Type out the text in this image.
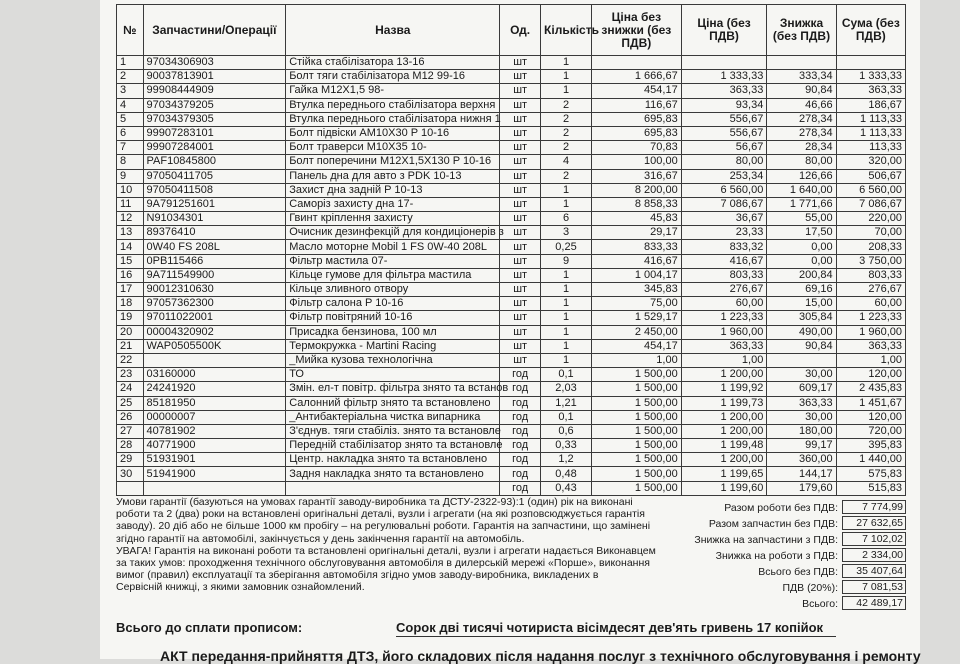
№	Запчастини/Операції	Назва	Од.	Кількість	Ціна без знижки (без ПДВ)	Ціна (без ПДВ)	Знижка (без ПДВ)	Сума (без ПДВ)
1	97034306903	Стійка стабілізатора 13-16	шт	1				
2	90037813901	Болт тяги стабілізатора M12 99-16	шт	1	1 666,67	1 333,33	333,34	1 333,33
3	99908444909	Гайка M12X1,5 98-	шт	1	454,17	363,33	90,84	363,33
4	97034379205	Втулка переднього стабілізатора верхня	шт	2	116,67	93,34	46,66	186,67
5	97034379305	Втулка переднього стабілізатора нижня 1	шт	2	695,83	556,67	278,34	1 113,33
6	99907283101	Болт підвіски AM10X30 P 10-16	шт	2	695,83	556,67	278,34	1 113,33
7	99907284001	Болт траверси M10X35 10-	шт	2	70,83	56,67	28,34	113,33
8	PAF10845800	Болт поперечини M12X1,5X130 P 10-16	шт	4	100,00	80,00	80,00	320,00
9	97050411705	Панель дна для авто з PDK 10-13	шт	2	316,67	253,34	126,66	506,67
10	97050411508	Захист дна задній P 10-13	шт	1	8 200,00	6 560,00	1 640,00	6 560,00
11	9A791251601	Саморіз захисту дна 17-	шт	1	8 858,33	7 086,67	1 771,66	7 086,67
12	N91034301	Гвинт кріплення захисту	шт	6	45,83	36,67	55,00	220,00
13	89376410	Очисник дезинфекцій для кондиціонерів з	шт	3	29,17	23,33	17,50	70,00
14	0W40 FS 208L	Масло моторне Mobil 1 FS 0W-40 208L	шт	0,25	833,33	833,32	0,00	208,33
15	0PB115466	Фільтр мастила 07-	шт	9	416,67	416,67	0,00	3 750,00
16	9A711549900	Кільце гумове для фільтра мастила	шт	1	1 004,17	803,33	200,84	803,33
17	90012310630	Кільце зливного отвору	шт	1	345,83	276,67	69,16	276,67
18	97057362300	Фільтр салона P 10-16	шт	1	75,00	60,00	15,00	60,00
19	97011022001	Фільтр повітряний 10-16	шт	1	1 529,17	1 223,33	305,84	1 223,33
20	00004320902	Присадка бензинова, 100 мл	шт	1	2 450,00	1 960,00	490,00	1 960,00
21	WAP0505500K	Термокружка - Martini Racing	шт	1	454,17	363,33	90,84	363,33
22		_Мийка кузова технологічна	шт	1	1,00	1,00		1,00
23	03160000	ТО	год	0,1	1 500,00	1 200,00	30,00	120,00
24	24241920	Змін. ел-т повітр. фільтра знято та встанов	год	2,03	1 500,00	1 199,92	609,17	2 435,83
25	85181950	Салонний фільтр знято та встановлено	год	1,21	1 500,00	1 199,73	363,33	1 451,67
26	00000007	_Антибактеріальна чистка випарника	год	0,1	1 500,00	1 200,00	30,00	120,00
27	40781902	З'єднув. тяги стабіліз. знято та встановле	год	0,6	1 500,00	1 200,00	180,00	720,00
28	40771900	Передній стабілізатор знято та встановле	год	0,33	1 500,00	1 199,48	99,17	395,83
29	51931901	Центр. накладка знято та встановлено	год	1,2	1 500,00	1 200,00	360,00	1 440,00
30	51941900	Задня накладка знято та встановлено	год	0,48	1 500,00	1 199,65	144,17	575,83
			год	0,43	1 500,00	1 199,60	179,60	515,83

Умови гарантії (базуються на умовах гарантії заводу-виробника та ДСТУ-2322-93):1 (один) рік на виконані

роботи та 2 (два) роки на встановлені оригінальні деталі, вузли і агрегати (на які розповсюджується гарантія

заводу). 20 діб або не більше 1000 км пробігу – на регулювальні роботи. Гарантія на запчастини, що замінені

згідно гарантії на автомобілі, закінчується у день закінчення гарантії на автомобіль.

УВАГА! Гарантія на виконані роботи та встановлені оригінальні деталі, вузли і агрегати надається Виконавцем

за таких умов: проходження технічного обслуговування автомобіля в дилерській мережі «Порше», виконання

вимог (правил) експлуатації та зберігання автомобіля згідно умов заводу-виробника, викладених в

Сервісній книжці, з якими замовник ознайомлений.

Разом роботи без ПДВ:	7 774,99
Разом запчастин без ПДВ:	27 632,65
Знижка на запчастини з ПДВ:	7 102,02
Знижка на роботи з ПДВ:	2 334,00
Всього без ПДВ:	35 407,64
ПДВ (20%):	7 081,53
Всього:	42 489,17
Всього до сплати прописом:	Сорок дві тисячі чотириста вісімдесят дев'ять гривень 17 копійок
АКТ передання-прийняття ДТЗ, його складових після надання послуг з технічного обслуговування і ремонту
